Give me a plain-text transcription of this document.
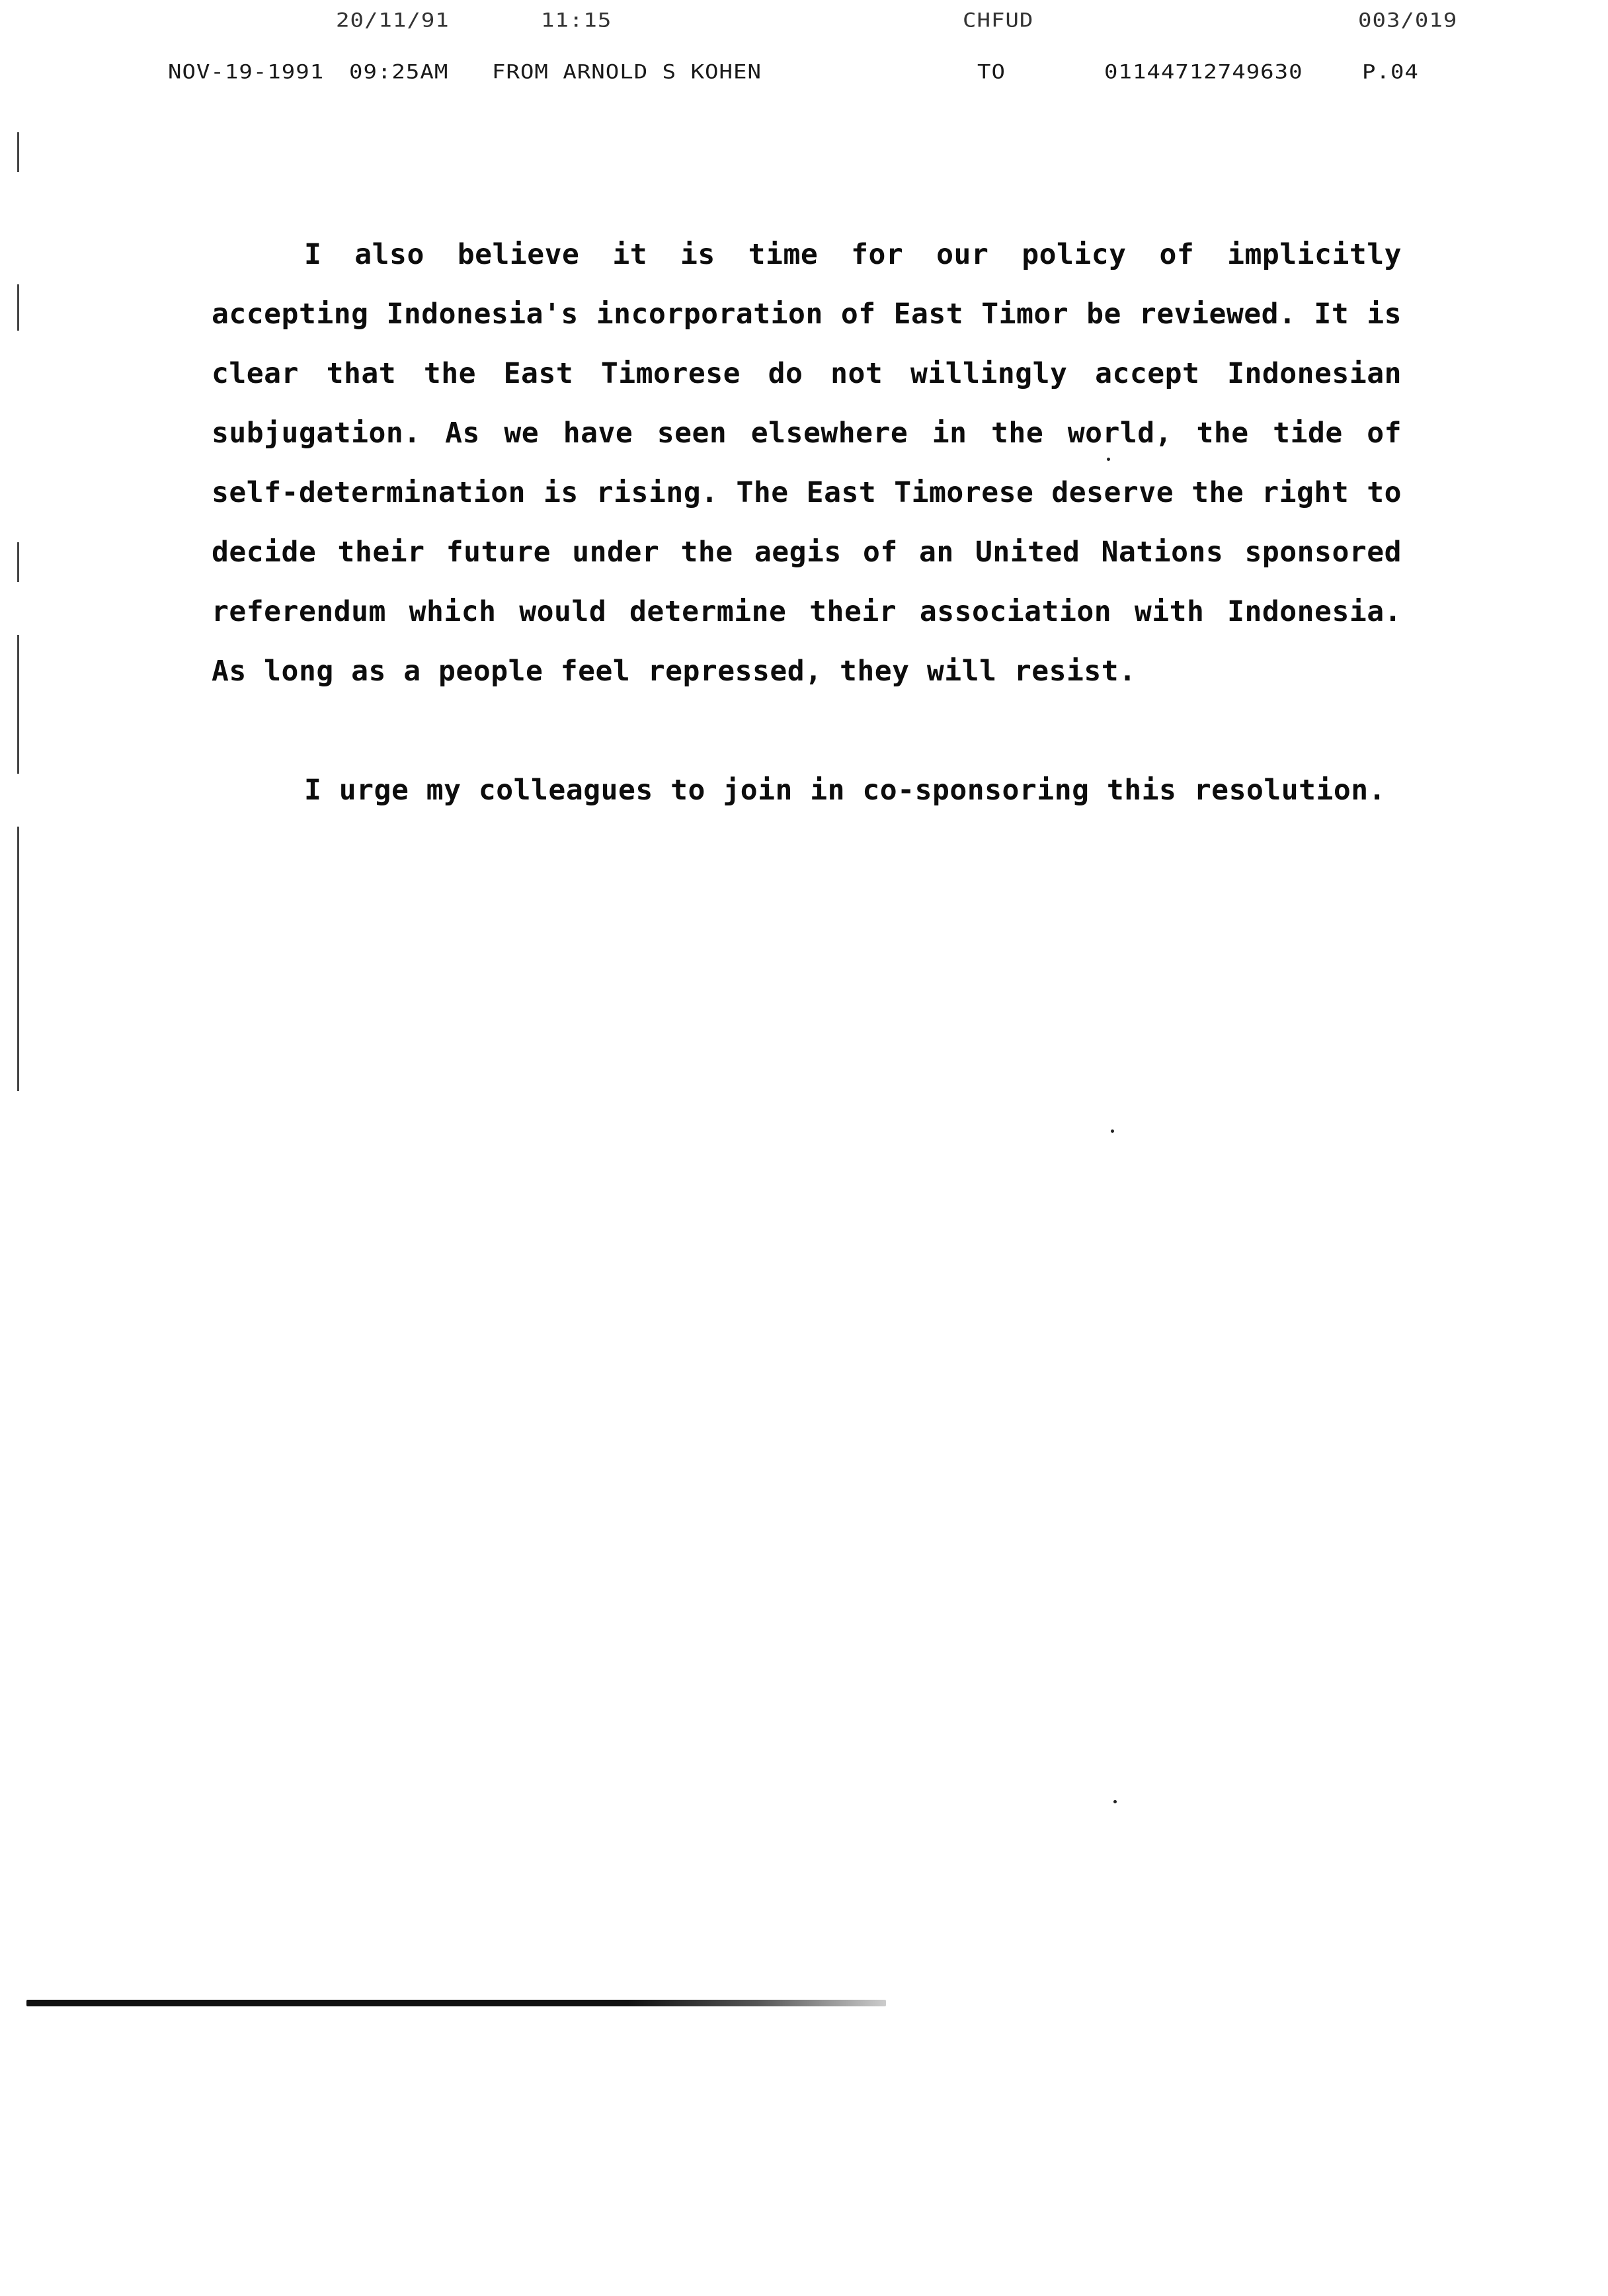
20/11/91	11:15	CHFUD	003/019
NOV-19-1991 09:25AM FROM ARNOLD S KOHEN	TO	01144712749630	P.04

I also believe it is time for our policy of implicitly accepting Indonesia's incorporation of East Timor be reviewed. It is clear that the East Timorese do not willingly accept Indonesian subjugation. As we have seen elsewhere in the world, the tide of self-determination is rising. The East Timorese deserve the right to decide their future under the aegis of an United Nations sponsored referendum which would determine their association with Indonesia. As long as a people feel repressed, they will resist.

I urge my colleagues to join in co-sponsoring this resolution.
